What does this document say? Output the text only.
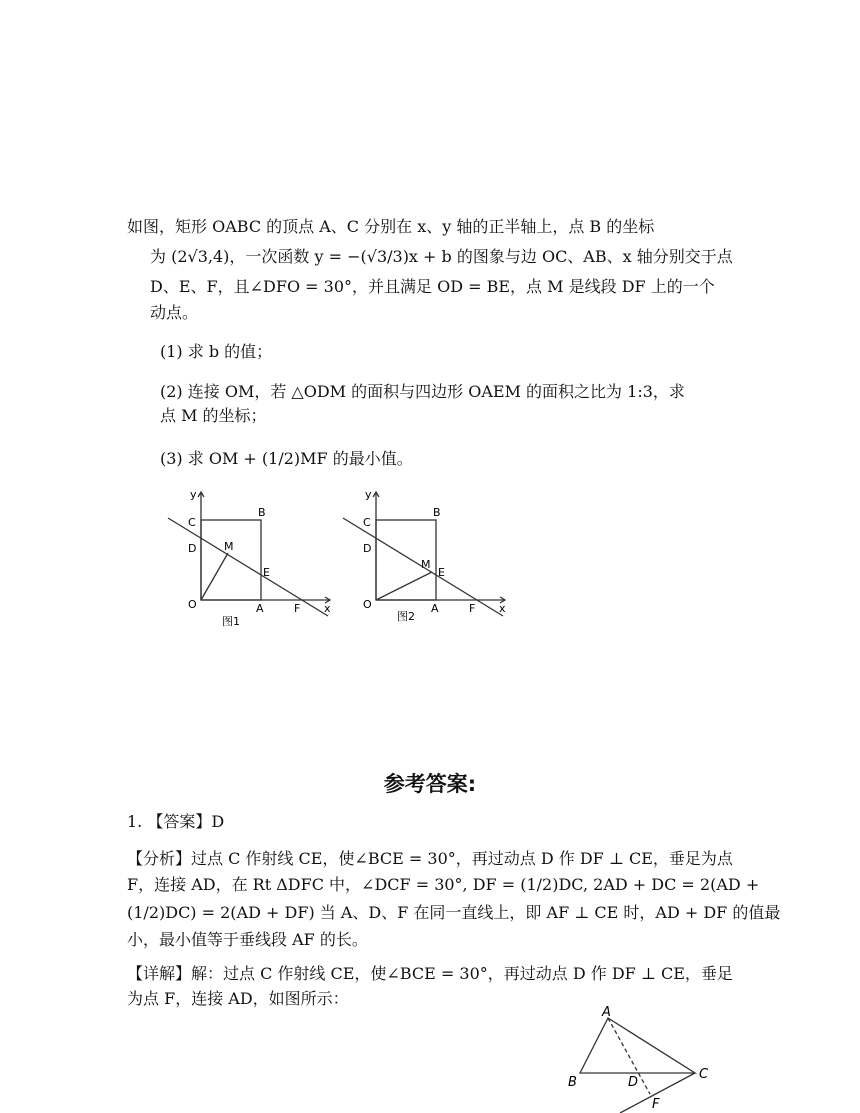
如图，矩形 OABC 的顶点 A、C 分别在 x、y 轴的正半轴上，点 B 的坐标
为 (2√3,4)，一次函数 y = −(√3/3)x + b 的图象与边 OC、AB、x 轴分别交于点
D、E、F，且∠DFO = 30°，并且满足 OD = BE，点 M 是线段 DF 上的一个
动点。
(1) 求 b 的值；
(2) 连接 OM，若 △ODM 的面积与四边形 OAEM 的面积之比为 1:3，求
点 M 的坐标；
(3) 求 OM + (1/2)MF 的最小值。
y
C
B
D	M
E
O	A	F x
图1
y
C
B
D
M
E
O	A	F x
图2
参考答案:
1. 【答案】D
【分析】过点 C 作射线 CE，使∠BCE = 30°，再过动点 D 作 DF ⊥ CE，垂足为点
F，连接 AD，在 Rt ΔDFC 中，∠DCF = 30°, DF = (1/2)DC, 2AD + DC = 2(AD +
(1/2)DC) = 2(AD + DF) 当 A、D、F 在同一直线上，即 AF ⊥ CE 时，AD + DF 的值最
小，最小值等于垂线段 AF 的长。
【详解】解：过点 C 作射线 CE，使∠BCE = 30°，再过动点 D 作 DF ⊥ CE，垂足
为点 F，连接 AD，如图所示：
A
B
C
D
F
